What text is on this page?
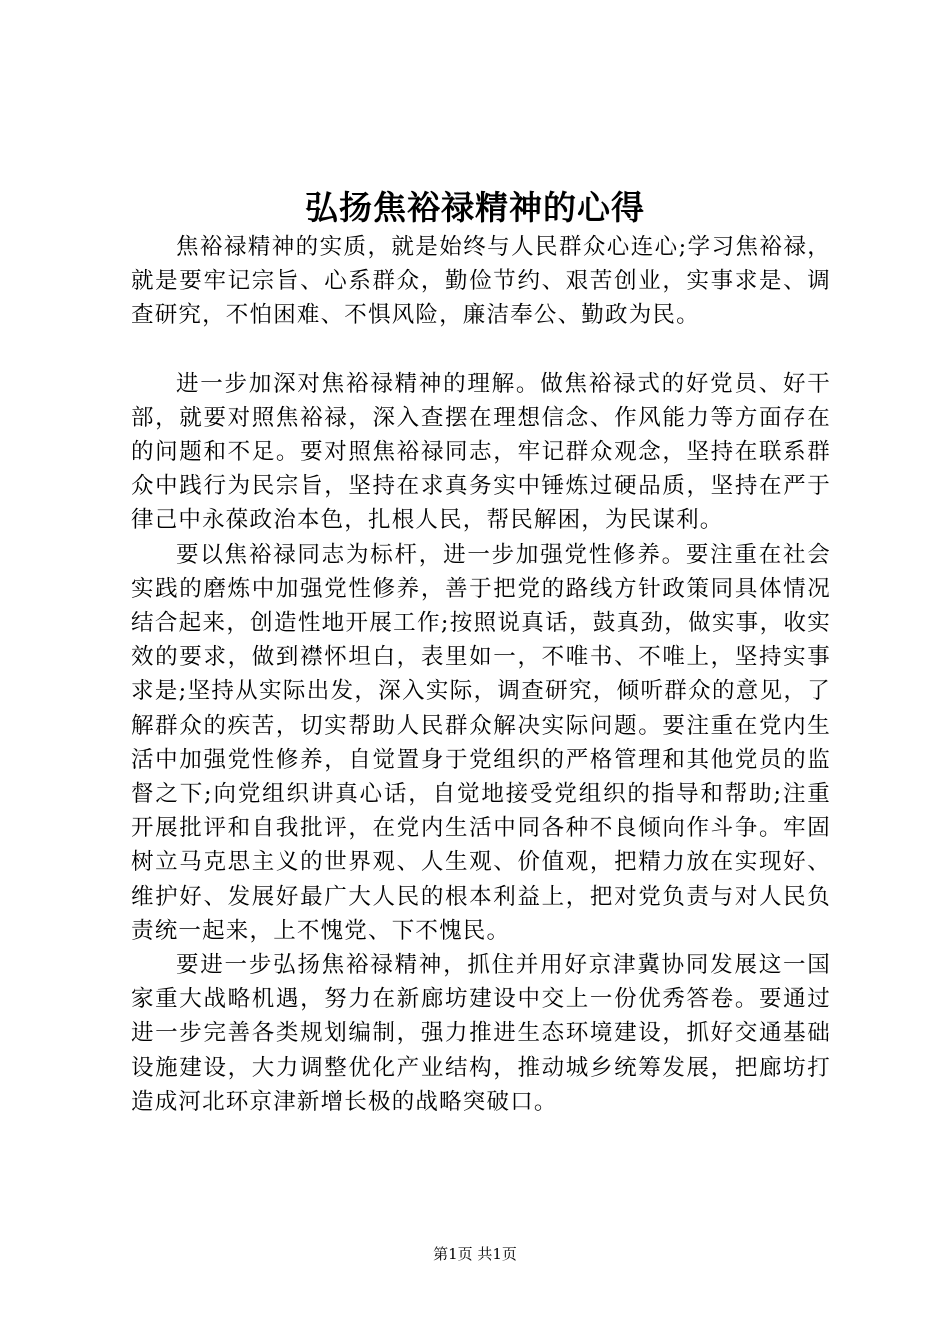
弘扬焦裕禄精神的心得

焦裕禄精神的实质，就是始终与人民群众心连心;学习焦裕禄，就是要牢记宗旨、心系群众，勤俭节约、艰苦创业，实事求是、调查研究，不怕困难、不惧风险，廉洁奉公、勤政为民。

进一步加深对焦裕禄精神的理解。做焦裕禄式的好党员、好干部，就要对照焦裕禄，深入查摆在理想信念、作风能力等方面存在的问题和不足。要对照焦裕禄同志，牢记群众观念，坚持在联系群众中践行为民宗旨，坚持在求真务实中锤炼过硬品质，坚持在严于律己中永葆政治本色，扎根人民，帮民解困，为民谋利。

要以焦裕禄同志为标杆，进一步加强党性修养。要注重在社会实践的磨炼中加强党性修养，善于把党的路线方针政策同具体情况结合起来，创造性地开展工作;按照说真话，鼓真劲，做实事，收实效的要求，做到襟怀坦白，表里如一，不唯书、不唯上，坚持实事求是;坚持从实际出发，深入实际，调查研究，倾听群众的意见，了解群众的疾苦，切实帮助人民群众解决实际问题。要注重在党内生活中加强党性修养，自觉置身于党组织的严格管理和其他党员的监督之下;向党组织讲真心话，自觉地接受党组织的指导和帮助;注重开展批评和自我批评，在党内生活中同各种不良倾向作斗争。牢固树立马克思主义的世界观、人生观、价值观，把精力放在实现好、维护好、发展好最广大人民的根本利益上，把对党负责与对人民负责统一起来，上不愧党、下不愧民。

要进一步弘扬焦裕禄精神，抓住并用好京津冀协同发展这一国家重大战略机遇，努力在新廊坊建设中交上一份优秀答卷。要通过进一步完善各类规划编制，强力推进生态环境建设，抓好交通基础设施建设，大力调整优化产业结构，推动城乡统筹发展，把廊坊打造成河北环京津新增长极的战略突破口。

第1页 共1页
